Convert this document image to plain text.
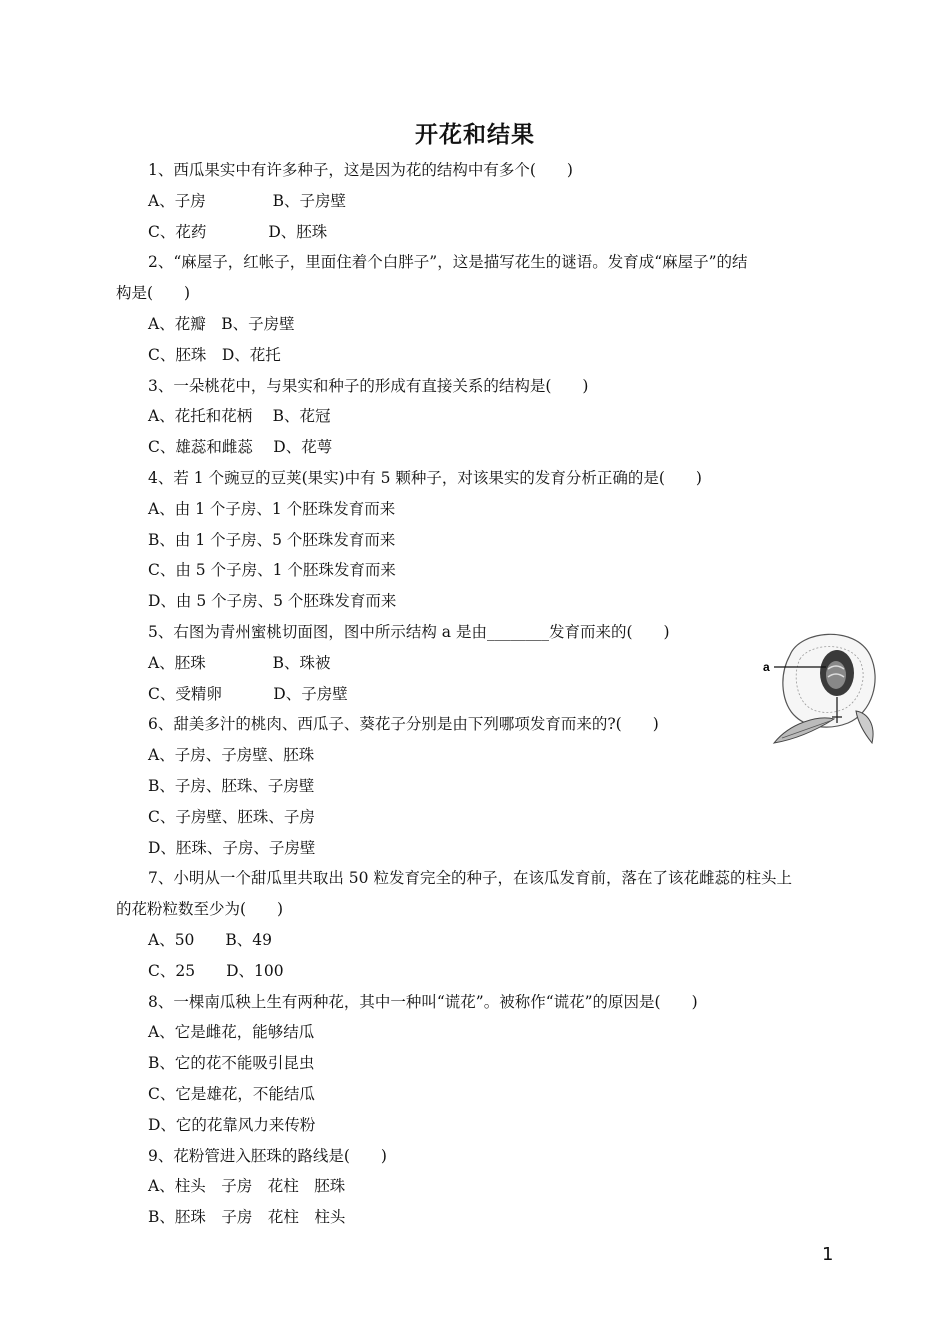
开花和结果
1、西瓜果实中有许多种子，这是因为花的结构中有多个(　　)
A、子房　　　　 B、子房壁
C、花药　　　　D、胚珠
2、“麻屋子，红帐子，里面住着个白胖子”，这是描写花生的谜语。发育成“麻屋子”的结
构是(　　)
A、花瓣　B、子房壁
C、胚珠　D、花托
3、一朵桃花中，与果实和种子的形成有直接关系的结构是(　　)
A、花托和花柄　 B、花冠
C、雄蕊和雌蕊　 D、花萼
4、若 1 个豌豆的豆荚(果实)中有 5 颗种子，对该果实的发育分析正确的是(　　)
A、由 1 个子房、1 个胚珠发育而来
B、由 1 个子房、5 个胚珠发育而来
C、由 5 个子房、1 个胚珠发育而来
D、由 5 个子房、5 个胚珠发育而来
5、右图为青州蜜桃切面图，图中所示结构 a 是由________发育而来的(　　)
A、胚珠　　　　 B、珠被
C、受精卵　　　 D、子房壁
6、甜美多汁的桃肉、西瓜子、葵花子分别是由下列哪项发育而来的?(　　)
A、子房、子房壁、胚珠
B、子房、胚珠、子房壁
C、子房壁、胚珠、子房
D、胚珠、子房、子房壁
7、小明从一个甜瓜里共取出 50 粒发育完全的种子，在该瓜发育前，落在了该花雌蕊的柱头上
的花粉粒数至少为(　　)
A、50　　B、49
C、25　　D、100
8、一棵南瓜秧上生有两种花，其中一种叫“谎花”。被称作“谎花”的原因是(　　)
A、它是雌花，能够结瓜
B、它的花不能吸引昆虫
C、它是雄花，不能结瓜
D、它的花靠风力来传粉
9、花粉管进入胚珠的路线是(　　)
A、柱头　子房　花柱　胚珠
B、胚珠　子房　花柱　柱头
a
1
